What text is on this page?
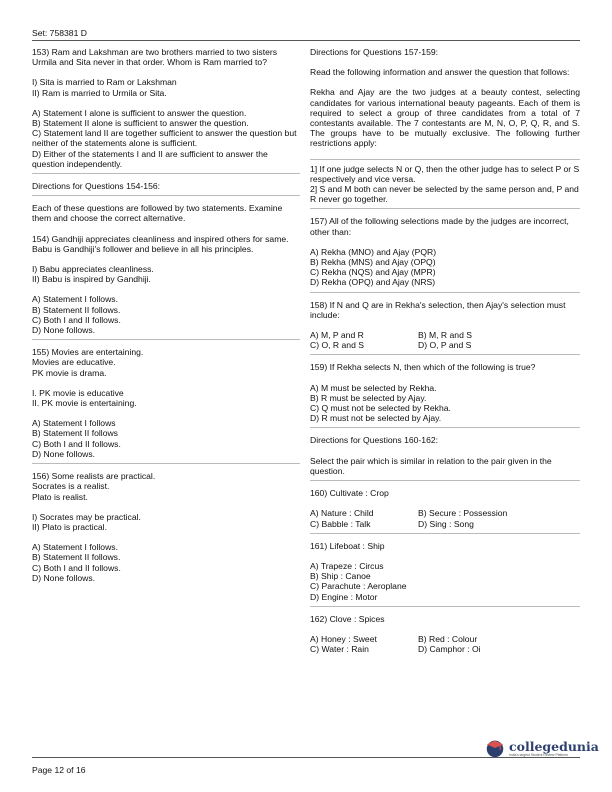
Set: 758381 D
153) Ram and Lakshman are two brothers married to two sisters Urmila and Sita never in that order. Whom is Ram married to?
I) Sita is married to Ram or Lakshman
II) Ram is married to Urmila or Sita.
A) Statement I alone is sufficient to answer the question.
B) Statement II alone is sufficient to answer the question.
C) Statement land II are together sufficient to answer the question but neither of the statements alone is sufficient.
D) Either of the statements I and II are sufficient to answer the question independently.
Directions for Questions 154-156:
Each of these questions are followed by two statements. Examine them and choose the correct alternative.
154) Gandhiji appreciates cleanliness and inspired others for same.
Babu is Gandhiji's follower and believe in all his principles.
I) Babu appreciates cleanliness.
II) Babu is inspired by Gandhiji.
A) Statement I follows.
B) Statement II follows.
C) Both I and II follows.
D) None follows.
155) Movies are entertaining.
Movies are educative.
PK movie is drama.
I. PK movie is educative
II. PK movie is entertaining.
A) Statement I follows
B) Statement II follows
C) Both I and II follows.
D) None follows.
156) Some realists are practical.
Socrates is a realist.
Plato is realist.
I) Socrates may be practical.
II) Plato is practical.
A) Statement I follows.
B) Statement II follows.
C) Both I and II follows.
D) None follows.
Directions for Questions 157-159:
Read the following information and answer the question that follows:
Rekha and Ajay are the two judges at a beauty contest, selecting candidates for various international beauty pageants. Each of them is required to select a group of three candidates from a total of 7 contestants available. The 7 contestants are M, N, O, P, Q, R, and S. The groups have to be mutually exclusive. The following further restrictions apply:
1] If one judge selects N or Q, then the other judge has to select P or S respectively and vice versa.
2] S and M both can never be selected by the same person and, P and R never go together.
157) All of the following selections made by the judges are incorrect, other than:
A) Rekha (MNO) and Ajay (PQR)
B) Rekha (MNS) and Ajay (OPQ)
C) Rekha (NQS) and Ajay (MPR)
D) Rekha (OPQ) and Ajay (NRS)
158) If N and Q are in Rekha's selection, then Ajay's selection must include:
A) M, P and R	B) M, R and S
C) O, R and S	D) O, P and S
159) If Rekha selects N, then which of the following is true?
A) M must be selected by Rekha.
B) R must be selected by Ajay.
C) Q must not be selected by Rekha.
D) R must not be selected by Ajay.
Directions for Questions 160-162:
Select the pair which is similar in relation to the pair given in the question.
160) Cultivate : Crop
A) Nature : Child	B) Secure : Possession
C) Babble : Talk	D) Sing : Song
161) Lifeboat : Ship
A) Trapeze : Circus
B) Ship : Canoe
C) Parachute : Aeroplane
D) Engine : Motor
162) Clove : Spices
A) Honey : Sweet	B) Red : Colour
C) Water : Rain	D) Camphor : Oi
collegedunia
India's largest Student Review Platform
Page 12 of 16
